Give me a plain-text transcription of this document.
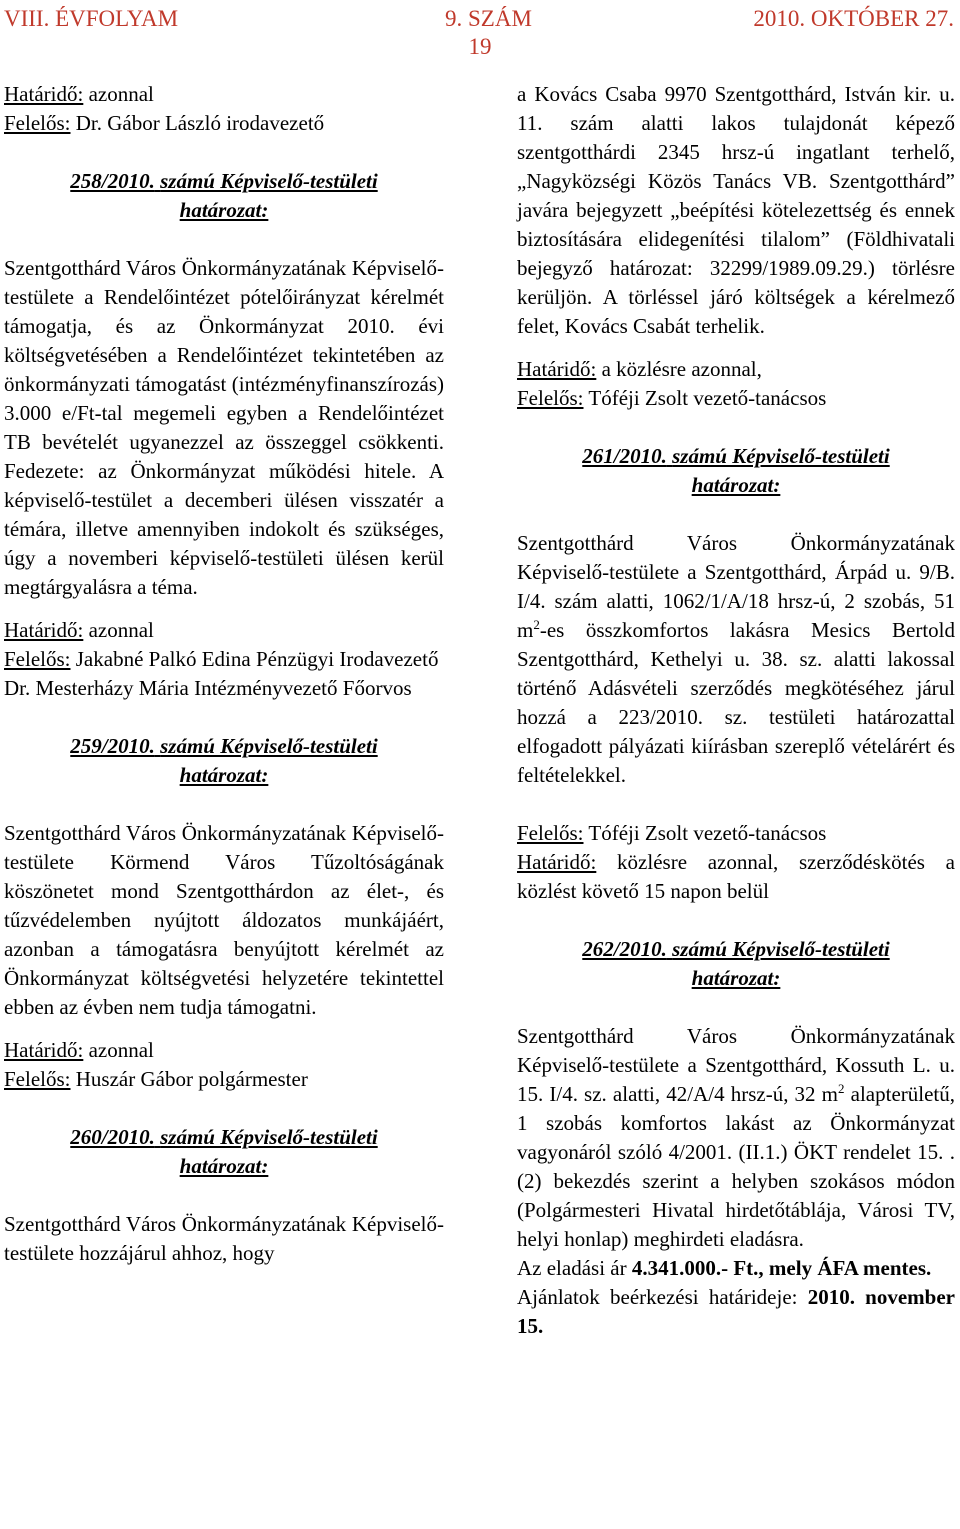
VIII. ÉVFOLYAM	9. SZÁM	2010. OKTÓBER 27.
19

Határidő: azonnal

Felelős: Dr. Gábor László irodavezető

258/2010. számú Képviselő-testületi

határozat:

Szentgotthárd Város Önkormányzatának Képviselő-testülete a Rendelőintézet pótelőirányzat kérelmét támogatja, és az Önkormányzat 2010. évi költségvetésében a Rendelőintézet tekintetében az önkormányzati támogatást (intézményfinanszírozás) 3.000 e/Ft-tal megemeli egyben a Rendelőintézet TB bevételét ugyanezzel az összeggel csökkenti. Fedezete: az Önkormányzat működési hitele. A képviselő-testület a decemberi ülésen visszatér a témára, illetve amennyiben indokolt és szükséges, úgy a novemberi képviselő-testületi ülésen kerül megtárgyalásra a téma.

Határidő: azonnal

Felelős: Jakabné Palkó Edina Pénzügyi Irodavezető

Dr. Mesterházy Mária Intézményvezető Főorvos

259/2010. számú Képviselő-testületi

határozat:

Szentgotthárd Város Önkormányzatának Képviselő-testülete Körmend Város Tűzoltóságának köszönetet mond Szentgotthárdon az élet-, és tűzvédelemben nyújtott áldozatos munkájáért, azonban a támogatásra benyújtott kérelmét az Önkormányzat költségvetési helyzetére tekintettel ebben az évben nem tudja támogatni.

Határidő: azonnal

Felelős: Huszár Gábor polgármester

260/2010. számú Képviselő-testületi

határozat:

Szentgotthárd Város Önkormányzatának Képviselő-testülete hozzájárul ahhoz, hogy

a Kovács Csaba 9970 Szentgotthárd, István kir. u. 11. szám alatti lakos tulajdonát képező szentgotthárdi 2345 hrsz-ú ingatlant terhelő, „Nagyközségi Közös Tanács VB. Szentgotthárd” javára bejegyzett „beépítési kötelezettség és ennek biztosítására elidegenítési tilalom” (Földhivatali bejegyző határozat: 32299/1989.09.29.) törlésre kerüljön. A törléssel járó költségek a kérelmező felet, Kovács Csabát terhelik.

Határidő: a közlésre azonnal,

Felelős: Tóféji Zsolt vezető-tanácsos

261/2010. számú Képviselő-testületi

határozat:

Szentgotthárd Város Önkormányzatának Képviselő-testülete a Szentgotthárd, Árpád u. 9/B. I/4. szám alatti, 1062/1/A/18 hrsz-ú, 2 szobás, 51 $m^2-es$ összkomfortos lakásra Mesics Bertold Szentgotthárd, Kethelyi u. 38. sz. alatti lakossal történő Adásvételi szerződés megkötéséhez járul hozzá a 223/2010. sz. testületi határozattal elfogadott pályázati kiírásban szereplő vételárért és feltételekkel.

Felelős: Tóféji Zsolt vezető-tanácsos

Határidő: közlésre azonnal, szerződéskötés a közlést követő 15 napon belül

262/2010. számú Képviselő-testületi

határozat:

Szentgotthárd Város Önkormányzatának Képviselő-testülete a Szentgotthárd, Kossuth L. u. 15. I/4. sz. alatti, 42/A/4 hrsz-ú, 32 $m^2$ alapterületű, 1 szobás komfortos lakást az Önkormányzat vagyonáról szóló 4/2001. (II.1.) ÖKT rendelet 15. . (2) bekezdés szerint a helyben szokásos módon (Polgármesteri Hivatal hirdetőtáblája, Városi TV, helyi honlap) meghirdeti eladásra.

Az eladási ár 4.341.000.- Ft., mely ÁFA mentes.

Ajánlatok beérkezési határideje: 2010. november 15.
